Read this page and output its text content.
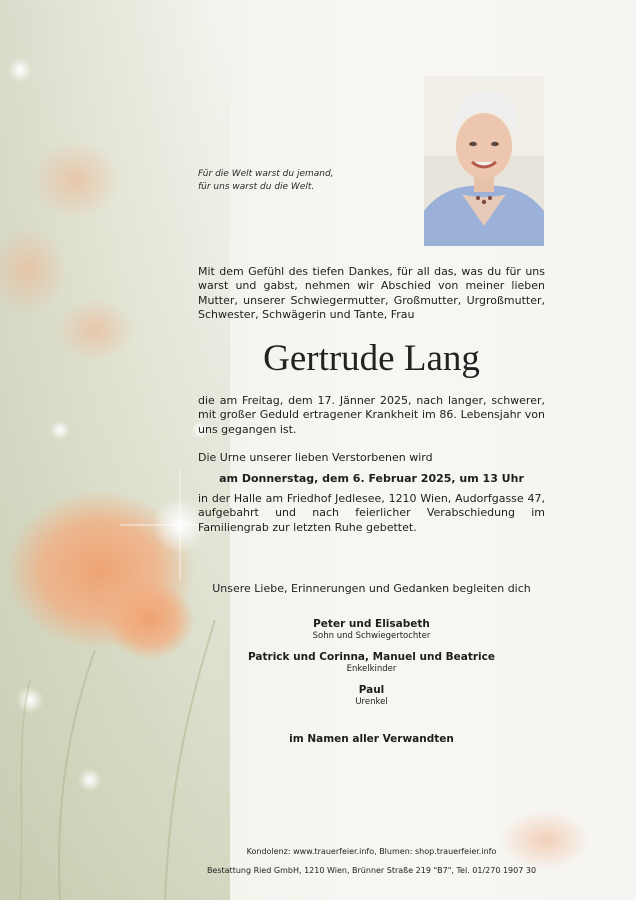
Für die Welt warst du jemand,
für uns warst du die Welt.
Mit dem Gefühl des tiefen Dankes, für all das, was du für uns warst und gabst, nehmen wir Abschied von meiner lieben Mutter, unserer Schwiegermutter, Großmutter, Urgroßmutter, Schwester, Schwägerin und Tante, Frau
Gertrude Lang
die am Freitag, dem 17. Jänner 2025, nach langer, schwerer, mit großer Geduld ertragener Krankheit im 86. Lebensjahr von uns gegangen ist.
Die Urne unserer lieben Verstorbenen wird
am Donnerstag, dem 6. Februar 2025, um 13 Uhr
in der Halle am Friedhof Jedlesee, 1210 Wien, Audorfgasse 47, aufgebahrt und nach feierlicher Verabschiedung im Familiengrab zur letzten Ruhe gebettet.
Unsere Liebe, Erinnerungen und Gedanken begleiten dich
Peter und Elisabeth
Sohn und Schwiegertochter
Patrick und Corinna, Manuel und Beatrice
Enkelkinder
Paul
Urenkel
im Namen aller Verwandten
Kondolenz: www.trauerfeier.info, Blumen: shop.trauerfeier.info
Bestattung Ried GmbH, 1210 Wien, Brünner Straße 219 "B7", Tel. 01/270 1907 30
